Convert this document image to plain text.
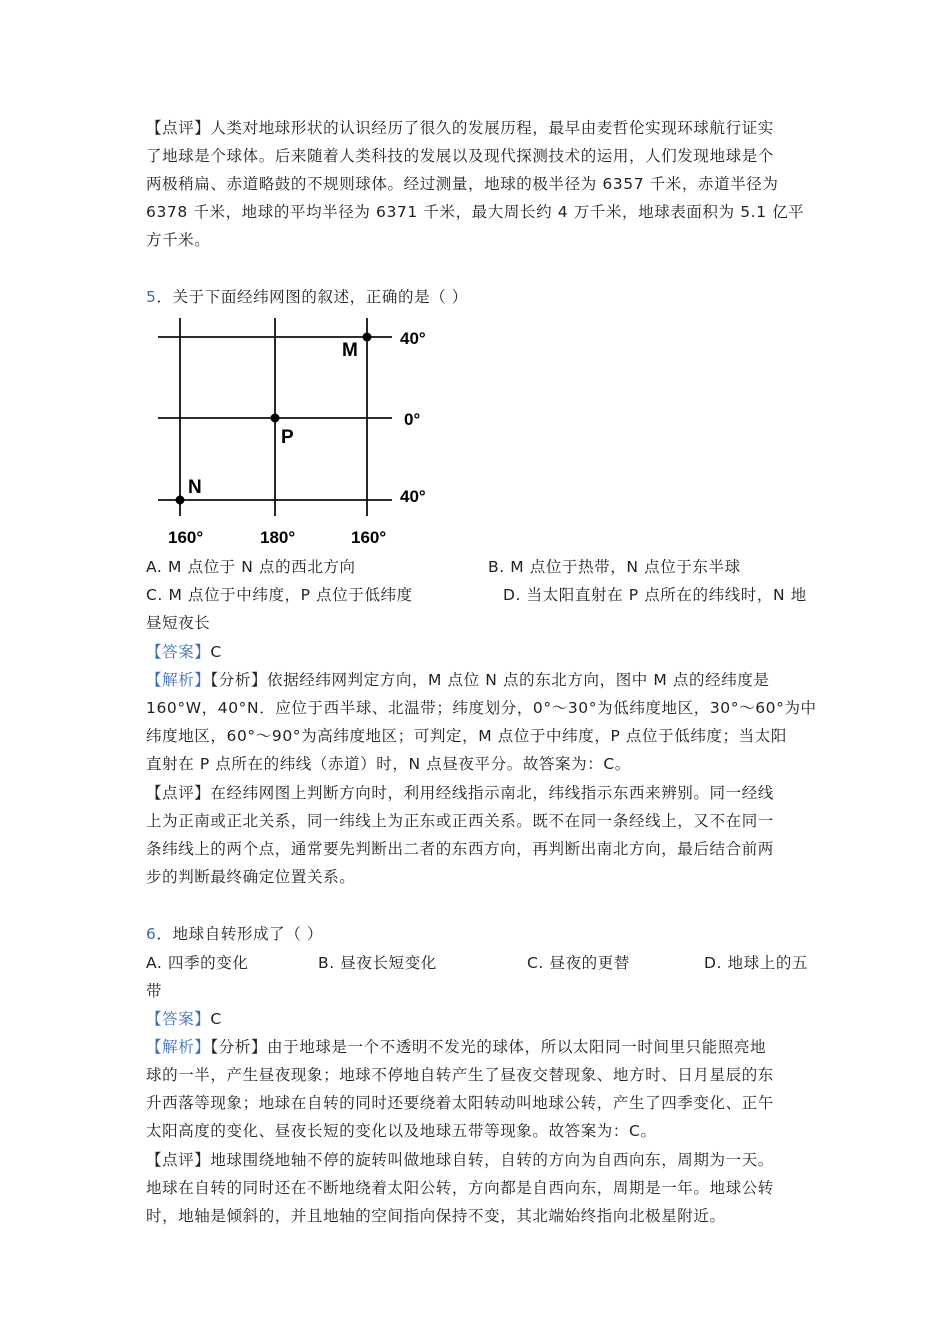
【点评】人类对地球形状的认识经历了很久的发展历程，最早由麦哲伦实现环球航行证实
了地球是个球体。后来随着人类科技的发展以及现代探测技术的运用，人们发现地球是个
两极稍扁、赤道略鼓的不规则球体。经过测量，地球的极半径为 6357 千米，赤道半径为
6378 千米，地球的平均半径为 6371 千米，最大周长约 4 万千米，地球表面积为 5.1 亿平
方千米。
5．关于下面经纬网图的叙述，正确的是（ ）
M
P
N
40°
0°
40°
160°	180°	160°
A. M 点位于 N 点的西北方向	B. M 点位于热带，N 点位于东半球
C. M 点位于中纬度，P 点位于低纬度	D. 当太阳直射在 P 点所在的纬线时，N 地
昼短夜长
【答案】C
【解析】【分析】依据经纬网判定方向，M 点位 N 点的东北方向，图中 M 点的经纬度是
160°W，40°N．应位于西半球、北温带；纬度划分，0°～30°为低纬度地区，30°～60°为中
纬度地区，60°～90°为高纬度地区；可判定，M 点位于中纬度，P 点位于低纬度；当太阳
直射在 P 点所在的纬线（赤道）时，N 点昼夜平分。故答案为：C。
【点评】在经纬网图上判断方向时，利用经线指示南北，纬线指示东西来辨别。同一经线
上为正南或正北关系，同一纬线上为正东或正西关系。既不在同一条经线上，又不在同一
条纬线上的两个点，通常要先判断出二者的东西方向，再判断出南北方向，最后结合前两
步的判断最终确定位置关系。
6．地球自转形成了（ ）
A. 四季的变化	B. 昼夜长短变化	C. 昼夜的更替	D. 地球上的五
带
【答案】C
【解析】【分析】由于地球是一个不透明不发光的球体，所以太阳同一时间里只能照亮地
球的一半，产生昼夜现象；地球不停地自转产生了昼夜交替现象、地方时、日月星辰的东
升西落等现象；地球在自转的同时还要绕着太阳转动叫地球公转，产生了四季变化、正午
太阳高度的变化、昼夜长短的变化以及地球五带等现象。故答案为：C。
【点评】地球围绕地轴不停的旋转叫做地球自转，自转的方向为自西向东，周期为一天。
地球在自转的同时还在不断地绕着太阳公转，方向都是自西向东，周期是一年。地球公转
时，地轴是倾斜的，并且地轴的空间指向保持不变，其北端始终指向北极星附近。
